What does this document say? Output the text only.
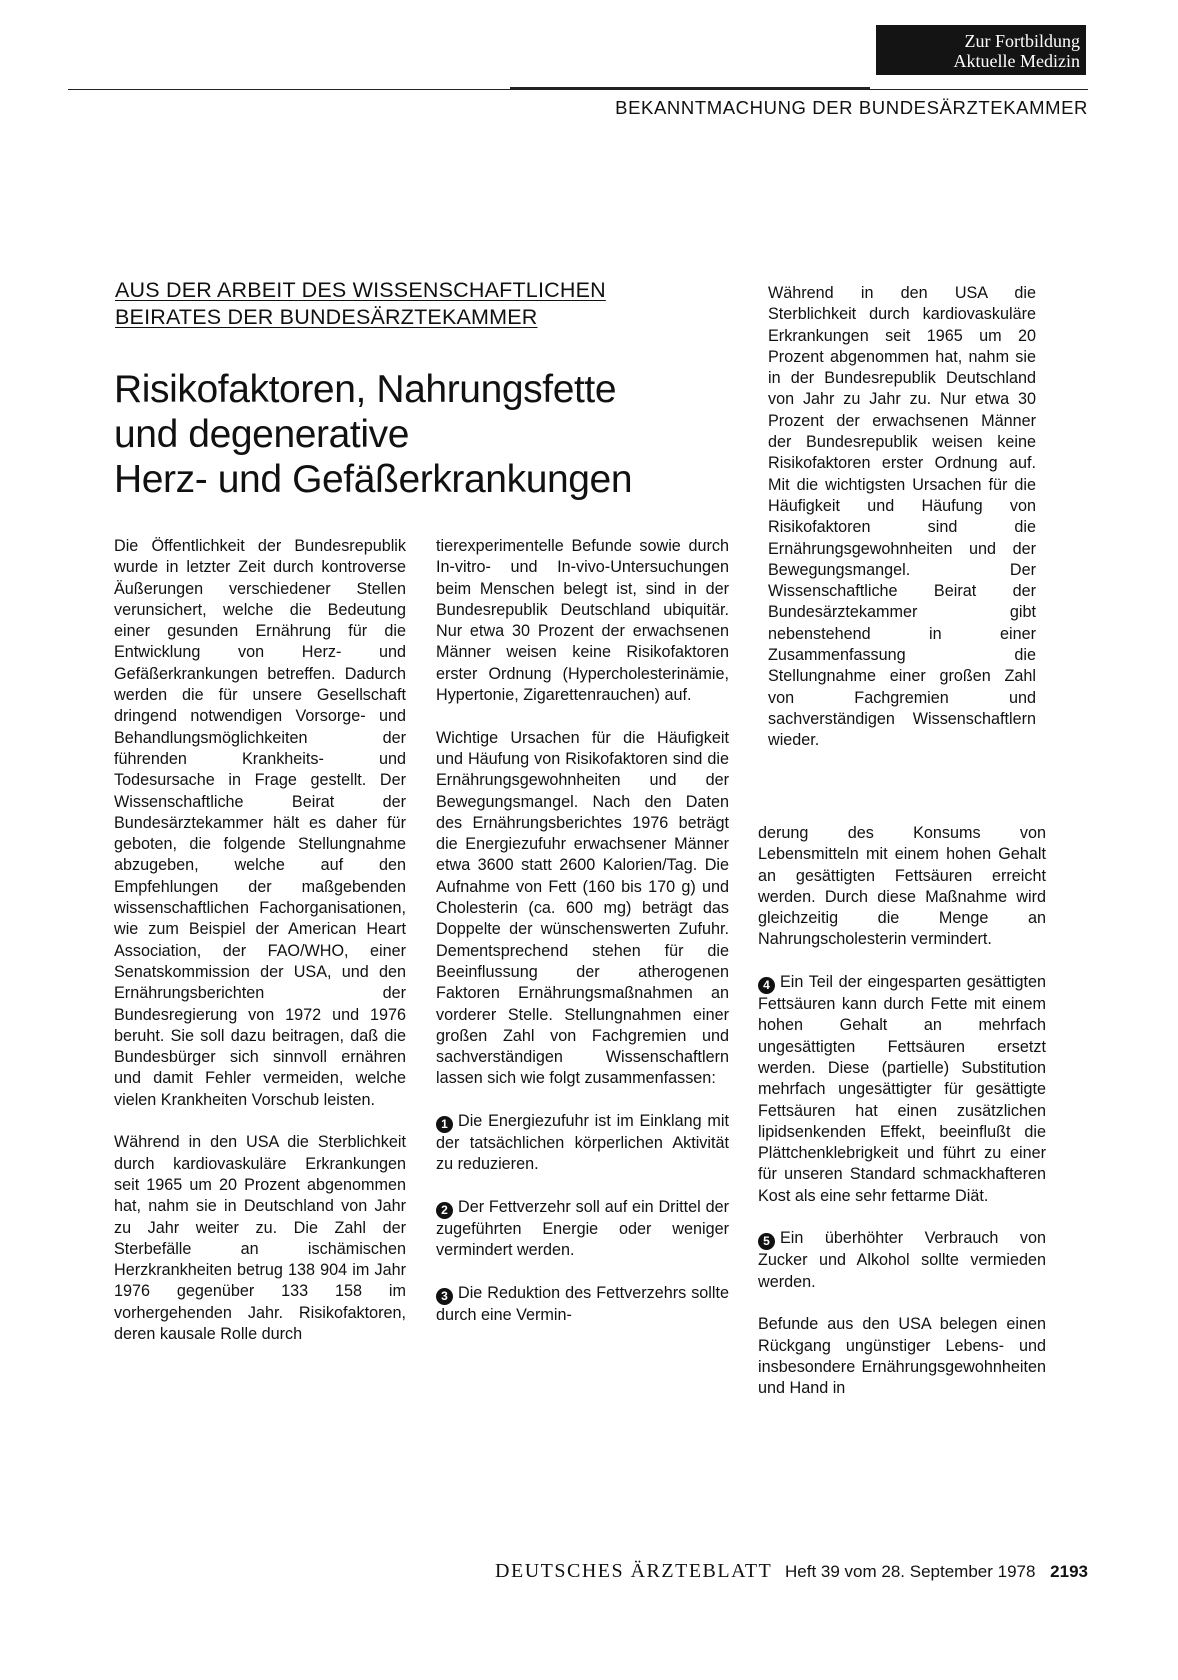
Zur Fortbildung
Aktuelle Medizin
BEKANNTMACHUNG DER BUNDESÄRZTEKAMMER
AUS DER ARBEIT DES WISSENSCHAFTLICHEN
BEIRATES DER BUNDESÄRZTEKAMMER
Risikofaktoren, Nahrungsfette
und degenerative
Herz- und Gefäßerkrankungen

Die Öffentlichkeit der Bundesrepublik wurde in letzter Zeit durch kontroverse Äußerungen verschiedener Stellen verunsichert, welche die Bedeutung einer gesunden Ernährung für die Entwicklung von Herz- und Gefäßerkrankungen betreffen. Dadurch werden die für unsere Gesellschaft dringend notwendigen Vorsorge- und Behandlungsmöglichkeiten der führenden Krankheits- und Todesursache in Frage gestellt. Der Wissenschaftliche Beirat der Bundesärztekammer hält es daher für geboten, die folgende Stellungnahme abzugeben, welche auf den Empfehlungen der maßgebenden wissenschaftlichen Fachorganisationen, wie zum Beispiel der American Heart Association, der FAO/WHO, einer Senatskommission der USA, und den Ernährungsberichten der Bundesregierung von 1972 und 1976 beruht. Sie soll dazu beitragen, daß die Bundesbürger sich sinnvoll ernähren und damit Fehler vermeiden, welche vielen Krankheiten Vorschub leisten.

Während in den USA die Sterblichkeit durch kardiovaskuläre Erkrankungen seit 1965 um 20 Prozent abgenommen hat, nahm sie in Deutschland von Jahr zu Jahr weiter zu. Die Zahl der Sterbefälle an ischämischen Herzkrankheiten betrug 138 904 im Jahr 1976 gegenüber 133 158 im vorhergehenden Jahr. Risikofaktoren, deren kausale Rolle durch

tierexperimentelle Befunde sowie durch In-vitro- und In-vivo-Untersuchungen beim Menschen belegt ist, sind in der Bundesrepublik Deutschland ubiquitär. Nur etwa 30 Prozent der erwachsenen Männer weisen keine Risikofaktoren erster Ordnung (Hypercholesterinämie, Hypertonie, Zigarettenrauchen) auf.

Wichtige Ursachen für die Häufigkeit und Häufung von Risikofaktoren sind die Ernährungsgewohnheiten und der Bewegungsmangel. Nach den Daten des Ernährungsberichtes 1976 beträgt die Energiezufuhr erwachsener Männer etwa 3600 statt 2600 Kalorien/Tag. Die Aufnahme von Fett (160 bis 170 g) und Cholesterin (ca. 600 mg) beträgt das Doppelte der wünschenswerten Zufuhr. Dementsprechend stehen für die Beeinflussung der atherogenen Faktoren Ernährungsmaßnahmen an vorderer Stelle. Stellungnahmen einer großen Zahl von Fachgremien und sachverständigen Wissenschaftlern lassen sich wie folgt zusammenfassen:

1 Die Energiezufuhr ist im Einklang mit der tatsächlichen körperlichen Aktivität zu reduzieren.

2 Der Fettverzehr soll auf ein Drittel der zugeführten Energie oder weniger vermindert werden.

3 Die Reduktion des Fettverzehrs sollte durch eine Vermin-

Während in den USA die Sterblichkeit durch kardiovaskuläre Erkrankungen seit 1965 um 20 Prozent abgenommen hat, nahm sie in der Bundesrepublik Deutschland von Jahr zu Jahr zu. Nur etwa 30 Prozent der erwachsenen Männer der Bundesrepublik weisen keine Risikofaktoren erster Ordnung auf. Mit die wichtigsten Ursachen für die Häufigkeit und Häufung von Risikofaktoren sind die Ernährungsgewohnheiten und der Bewegungsmangel. Der Wissenschaftliche Beirat der Bundesärztekammer gibt nebenstehend in einer Zusammenfassung die Stellungnahme einer großen Zahl von Fachgremien und sachverständigen Wissenschaftlern wieder.

derung des Konsums von Lebensmitteln mit einem hohen Gehalt an gesättigten Fettsäuren erreicht werden. Durch diese Maßnahme wird gleichzeitig die Menge an Nahrungscholesterin vermindert.

4 Ein Teil der eingesparten gesättigten Fettsäuren kann durch Fette mit einem hohen Gehalt an mehrfach ungesättigten Fettsäuren ersetzt werden. Diese (partielle) Substitution mehrfach ungesättigter für gesättigte Fettsäuren hat einen zusätzlichen lipidsenkenden Effekt, beeinflußt die Plättchenklebrigkeit und führt zu einer für unseren Standard schmackhafteren Kost als eine sehr fettarme Diät.

5 Ein überhöhter Verbrauch von Zucker und Alkohol sollte vermieden werden.

Befunde aus den USA belegen einen Rückgang ungünstiger Lebens- und insbesondere Ernährungsgewohnheiten und Hand in

DEUTSCHES ÄRZTEBLATT Heft 39 vom 28. September 1978 2193
